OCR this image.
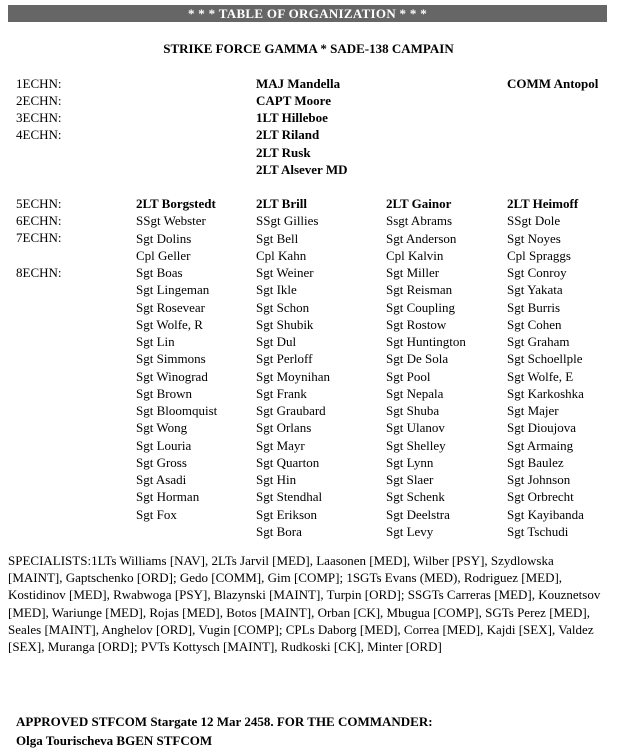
* * * TABLE OF ORGANIZATION * * *
STRIKE FORCE GAMMA * SADE-138 CAMPAIN
1ECHN:
2ECHN:
3ECHN:
4ECHN:
MAJ Mandella
CAPT Moore
1LT Hilleboe
2LT Riland
2LT Rusk
2LT Alsever MD
COMM Antopol
5ECHN:
6ECHN:
7ECHN:
8ECHN:
2LT Borgstedt
SSgt Webster
Sgt Dolins
Cpl Geller
Sgt Boas
Sgt Lingeman
Sgt Rosevear
Sgt Wolfe, R
Sgt Lin
Sgt Simmons
Sgt Winograd
Sgt Brown
Sgt Bloomquist
Sgt Wong
Sgt Louria
Sgt Gross
Sgt Asadi
Sgt Horman
Sgt Fox
2LT Brill
SSgt Gillies
Sgt Bell
Cpl Kahn
Sgt Weiner
Sgt Ikle
Sgt Schon
Sgt Shubik
Sgt Dul
Sgt Perloff
Sgt Moynihan
Sgt Frank
Sgt Graubard
Sgt Orlans
Sgt Mayr
Sgt Quarton
Sgt Hin
Sgt Stendhal
Sgt Erikson
Sgt Bora
2LT Gainor
Ssgt Abrams
Sgt Anderson
Cpl Kalvin
Sgt Miller
Sgt Reisman
Sgt Coupling
Sgt Rostow
Sgt Huntington
Sgt De Sola
Sgt Pool
Sgt Nepala
Sgt Shuba
Sgt Ulanov
Sgt Shelley
Sgt Lynn
Sgt Slaer
Sgt Schenk
Sgt Deelstra
Sgt Levy
2LT Heimoff
SSgt Dole
Sgt Noyes
Cpl Spraggs
Sgt Conroy
Sgt Yakata
Sgt Burris
Sgt Cohen
Sgt Graham
Sgt Schoellple
Sgt Wolfe, E
Sgt Karkoshka
Sgt Majer
Sgt Dioujova
Sgt Armaing
Sgt Baulez
Sgt Johnson
Sgt Orbrecht
Sgt Kayibanda
Sgt Tschudi
SPECIALISTS:1LTs Williams [NAV], 2LTs Jarvil [MED], Laasonen [MED], Wilber [PSY], Szydlowska [MAINT], Gaptschenko [ORD]; Gedo [COMM], Gim [COMP]; 1SGTs Evans (MED), Rodriguez [MED], Kostidinov [MED], Rwabwoga [PSY], Blazynski [MAINT], Turpin [ORD]; SSGTs Carreras [MED], Kouznetsov [MED], Wariunge [MED], Rojas [MED], Botos [MAINT], Orban [CK], Mbugua [COMP], SGTs Perez [MED], Seales [MAINT], Anghelov [ORD], Vugin [COMP]; CPLs Daborg [MED], Correa [MED], Kajdi [SEX], Valdez [SEX], Muranga [ORD]; PVTs Kottysch [MAINT], Rudkoski [CK], Minter [ORD]
APPROVED STFCOM Stargate 12 Mar 2458. FOR THE COMMANDER:
Olga Tourischeva BGEN STFCOM
